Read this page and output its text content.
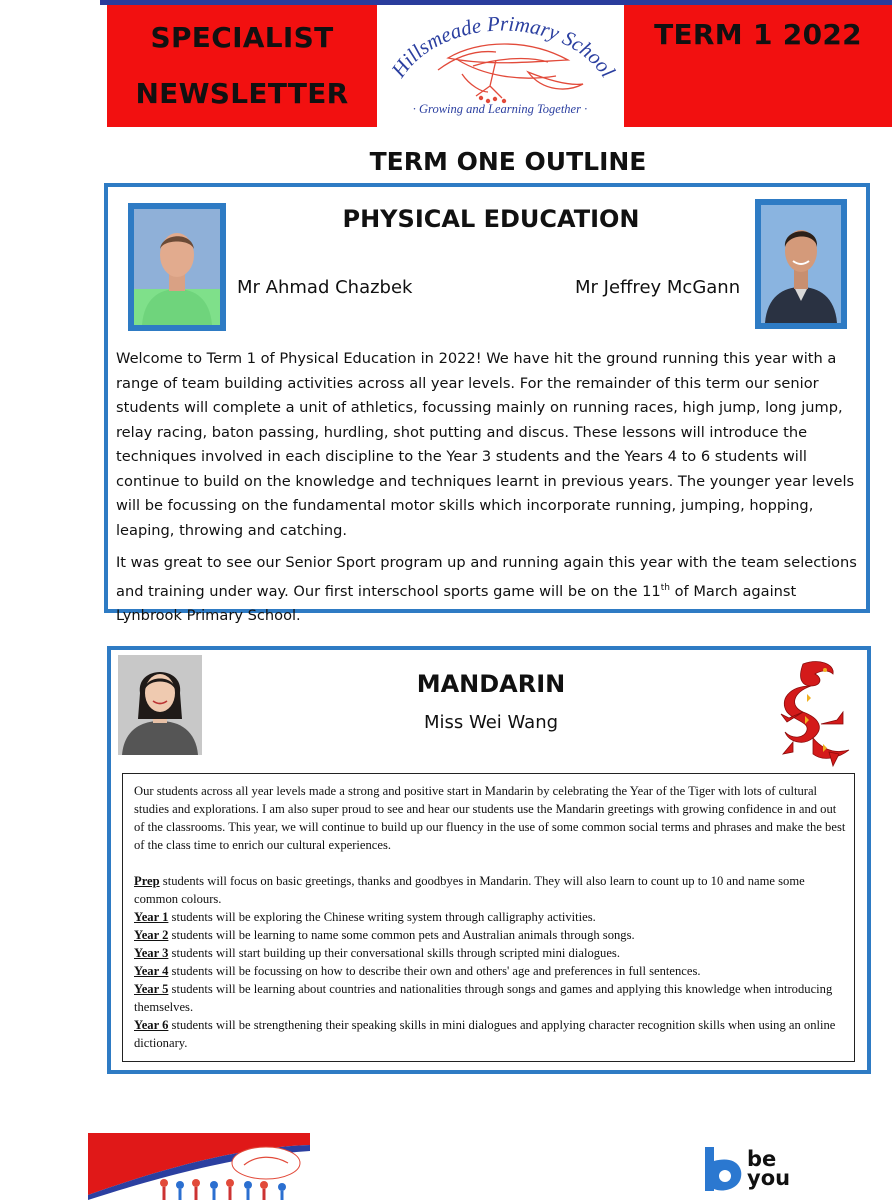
SPECIALIST
NEWSLETTER
Hillsmeade Primary School
· Growing and Learning Together ·
TERM 1 2022
TERM ONE OUTLINE
PHYSICAL EDUCATION
Mr Ahmad Chazbek	Mr Jeffrey McGann

Welcome to Term 1 of Physical Education in 2022! We have hit the ground running this year with a range of team building activities across all year levels. For the remainder of this term our senior students will complete a unit of athletics, focussing mainly on running races, high jump, long jump, relay racing, baton passing, hurdling, shot putting and discus. These lessons will introduce the techniques involved in each discipline to the Year 3 students and the Years 4 to 6 students will continue to build on the knowledge and techniques learnt in previous years. The younger year levels will be focussing on the fundamental motor skills which incorporate running, jumping, hopping, leaping, throwing and catching.

It was great to see our Senior Sport program up and running again this year with the team selections and training under way. Our first interschool sports game will be on the 11th of March against Lynbrook Primary School.

MANDARIN
Miss Wei Wang

Our students across all year levels made a strong and positive start in Mandarin by celebrating the Year of the Tiger with lots of cultural studies and explorations. I am also super proud to see and hear our students use the Mandarin greetings with growing confidence in and out of the classrooms. This year, we will continue to build up our fluency in the use of some common social terms and phrases and make the best of the class time to enrich our cultural experiences.

Prep students will focus on basic greetings, thanks and goodbyes in Mandarin. They will also learn to count up to 10 and name some common colours.

Year 1 students will be exploring the Chinese writing system through calligraphy activities.

Year 2 students will be learning to name some common pets and Australian animals through songs.

Year 3 students will start building up their conversational skills through scripted mini dialogues.

Year 4 students will be focussing on how to describe their own and others' age and preferences in full sentences.

Year 5 students will be learning about countries and nationalities through songs and games and applying this knowledge when introducing themselves.

Year 6 students will be strengthening their speaking skills in mini dialogues and applying character recognition skills when using an online dictionary.

be
you
